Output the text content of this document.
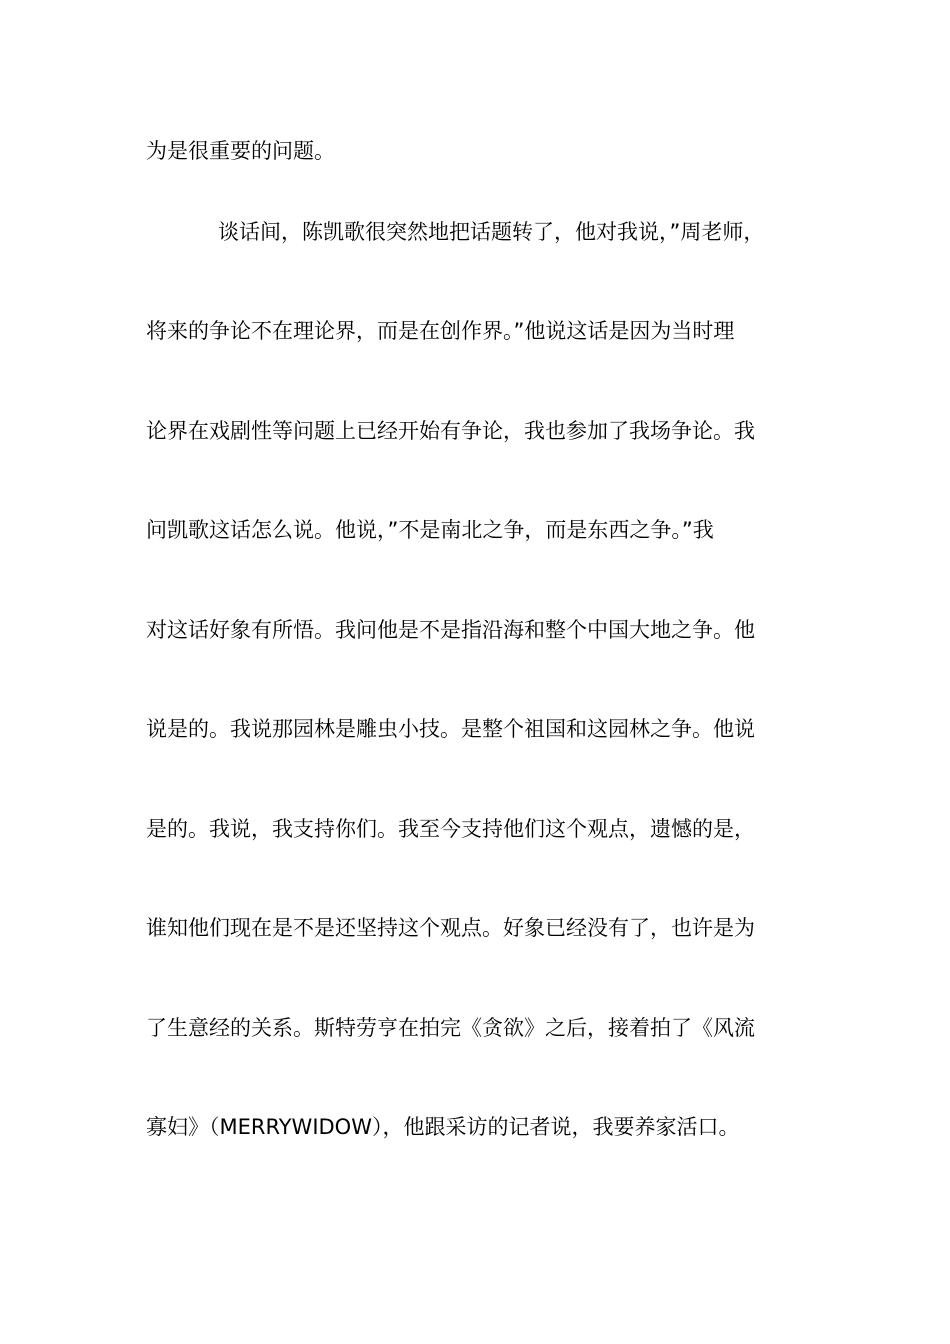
为是很重要的问题。
谈话间，陈凯歌很突然地把话题转了，他对我说，”周老师，
将来的争论不在理论界，而是在创作界。”他说这话是因为当时理
论界在戏剧性等问题上已经开始有争论，我也参加了我场争论。我
问凯歌这话怎么说。他说，”不是南北之争，而是东西之争。”我
对这话好象有所悟。我问他是不是指沿海和整个中国大地之争。他
说是的。我说那园林是雕虫小技。是整个祖国和这园林之争。他说
是的。我说，我支持你们。我至今支持他们这个观点，遗憾的是，
谁知他们现在是不是还坚持这个观点。好象已经没有了，也许是为
了生意经的关系。斯特劳亨在拍完《贪欲》之后，接着拍了《风流
寡妇》（MERRYWIDOW），他跟采访的记者说，我要养家活口。
